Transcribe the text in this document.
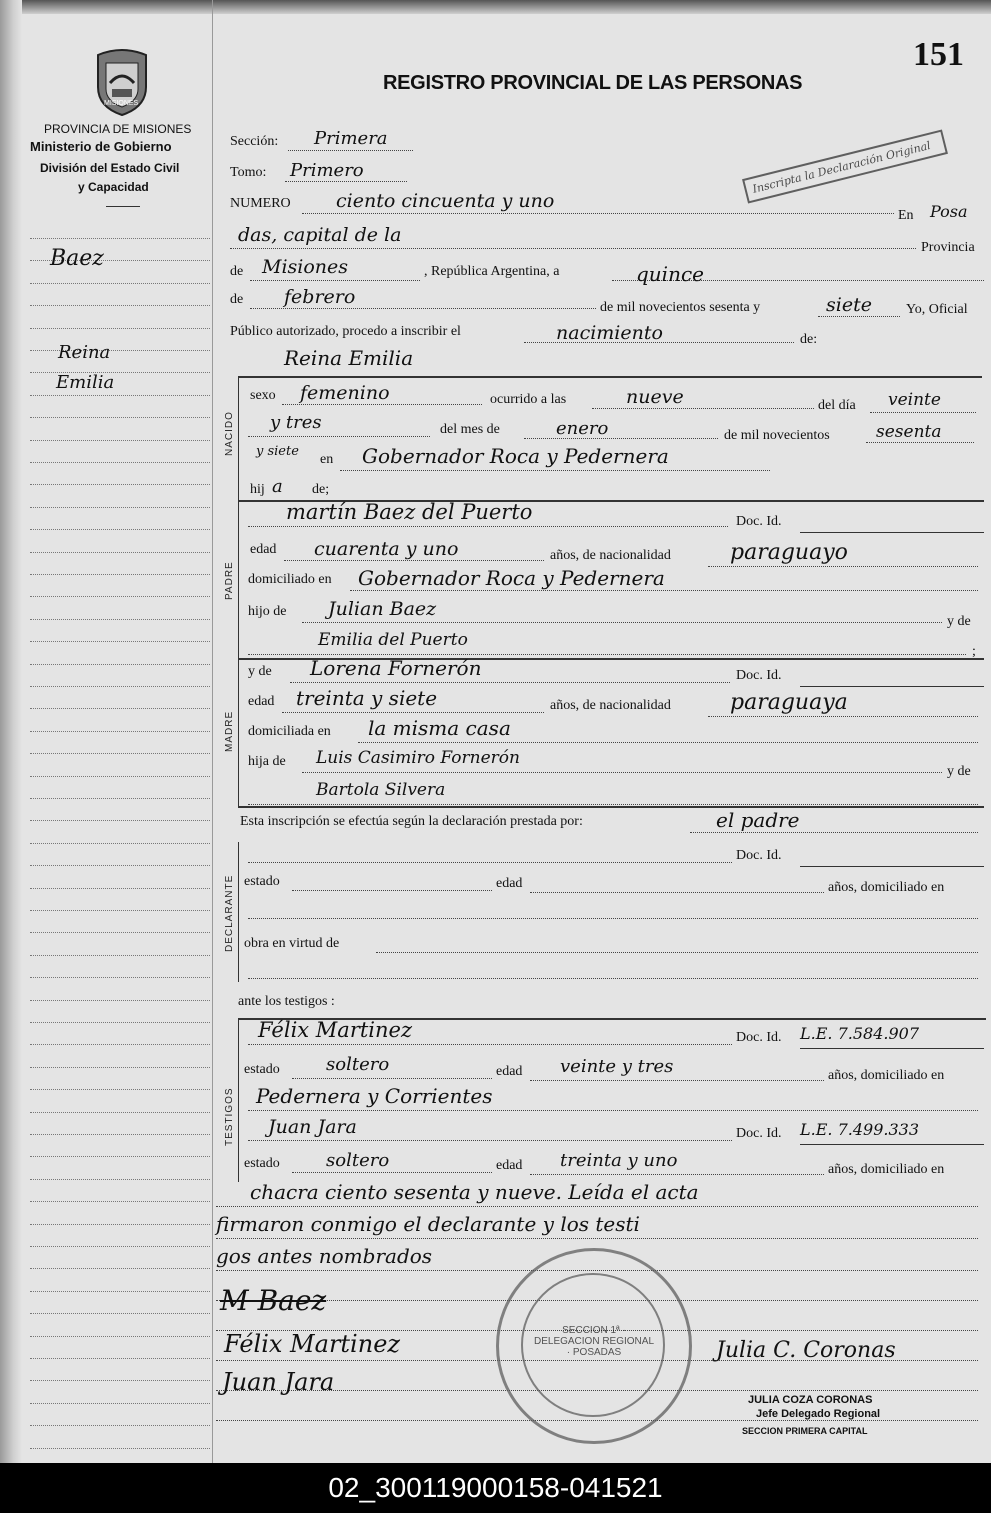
MISIONES
PROVINCIA DE MISIONES
Ministerio de Gobierno
División del Estado Civil
y Capacidad
Baez
Reina
Emilia
151
REGISTRO PROVINCIAL DE LAS PERSONAS
Inscripta la Declaración Original
Sección: Primera
Tomo: Primero
NUMERO ciento cincuenta y uno
En Posa
das, capital de la
Provincia
de Misiones	, República Argentina, a	quince
de febrero	de mil novecientos sesenta y	siete Yo, Oficial
Público autorizado, procedo a inscribir el	nacimiento	de:
Reina Emilia
NACIDO
sexo femenino	ocurrido a las	nueve	del día veinte
y tres	del mes de	enero	de mil novecientos	sesenta
y siete
en Gobernador Roca y Pedernera
hij a de;
PADRE
martín Baez del Puerto	Doc. Id.
edad cuarenta y uno	años, de nacionalidad	paraguayo
domiciliado en Gobernador Roca y Pedernera
hijo de Julian Baez
y de
Emilia del Puerto
;
MADRE
y de Lorena Fornerón	Doc. Id.
edad treinta y siete	años, de nacionalidad	paraguaya
domiciliada en la misma casa
hija de Luis Casimiro Fornerón
y de
Bartola Silvera
Esta inscripción se efectúa según la declaración prestada por:	el padre
DECLARANTE
Doc. Id.
estado	edad	años, domiciliado en
obra en virtud de
ante los testigos :
TESTIGOS
Félix Martinez	Doc. Id. L.E. 7.584.907
estado	soltero	edad veinte y tres	años, domiciliado en
Pedernera y Corrientes
Juan Jara	Doc. Id. L.E. 7.499.333
estado	soltero	edad treinta y uno	años, domiciliado en
chacra ciento sesenta y nueve. Leída el acta
firmaron conmigo el declarante y los testi
gos antes nombrados
SECCION 1ª · DELEGACION REGIONAL · POSADAS
M Baez
Félix Martinez
Juan Jara
Julia C. Coronas
JULIA COZA CORONAS
Jefe Delegado Regional
SECCION PRIMERA CAPITAL
02_300119000158-041521
